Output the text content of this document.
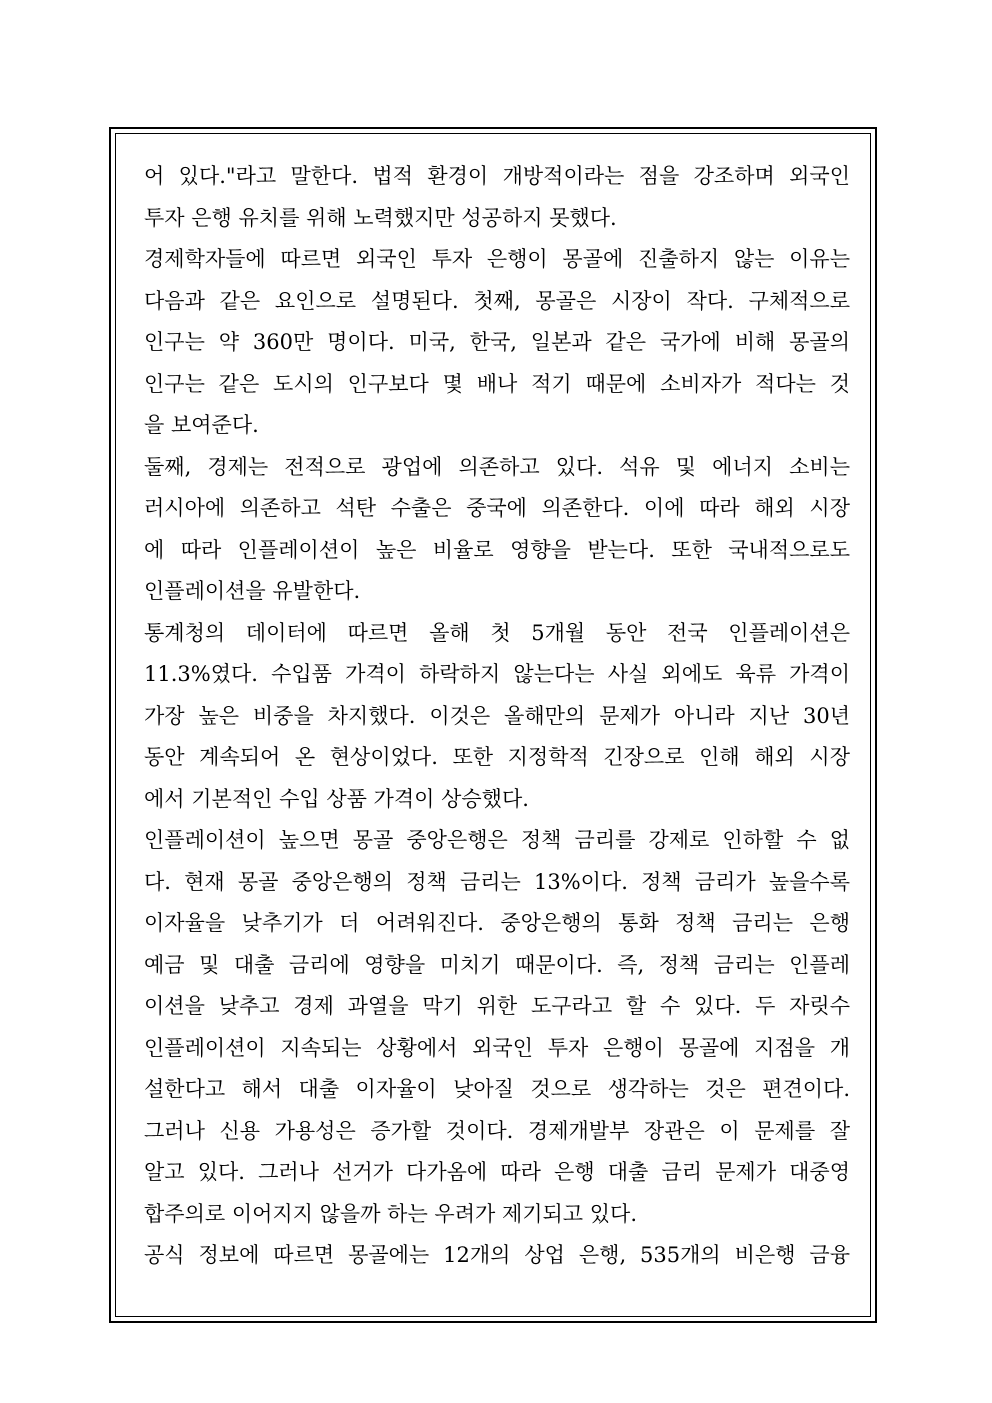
어 있다."라고 말한다. 법적 환경이 개방적이라는 점을 강조하며 외국인
투자 은행 유치를 위해 노력했지만 성공하지 못했다.
경제학자들에 따르면 외국인 투자 은행이 몽골에 진출하지 않는 이유는
다음과 같은 요인으로 설명된다. 첫째, 몽골은 시장이 작다. 구체적으로
인구는 약 360만 명이다. 미국, 한국, 일본과 같은 국가에 비해 몽골의
인구는 같은 도시의 인구보다 몇 배나 적기 때문에 소비자가 적다는 것
을 보여준다.
둘째, 경제는 전적으로 광업에 의존하고 있다. 석유 및 에너지 소비는
러시아에 의존하고 석탄 수출은 중국에 의존한다. 이에 따라 해외 시장
에 따라 인플레이션이 높은 비율로 영향을 받는다. 또한 국내적으로도
인플레이션을 유발한다.
통계청의 데이터에 따르면 올해 첫 5개월 동안 전국 인플레이션은
11.3%였다. 수입품 가격이 하락하지 않는다는 사실 외에도 육류 가격이
가장 높은 비중을 차지했다. 이것은 올해만의 문제가 아니라 지난 30년
동안 계속되어 온 현상이었다. 또한 지정학적 긴장으로 인해 해외 시장
에서 기본적인 수입 상품 가격이 상승했다.
인플레이션이 높으면 몽골 중앙은행은 정책 금리를 강제로 인하할 수 없
다. 현재 몽골 중앙은행의 정책 금리는 13%이다. 정책 금리가 높을수록
이자율을 낮추기가 더 어려워진다. 중앙은행의 통화 정책 금리는 은행
예금 및 대출 금리에 영향을 미치기 때문이다. 즉, 정책 금리는 인플레
이션을 낮추고 경제 과열을 막기 위한 도구라고 할 수 있다. 두 자릿수
인플레이션이 지속되는 상황에서 외국인 투자 은행이 몽골에 지점을 개
설한다고 해서 대출 이자율이 낮아질 것으로 생각하는 것은 편견이다.
그러나 신용 가용성은 증가할 것이다. 경제개발부 장관은 이 문제를 잘
알고 있다. 그러나 선거가 다가옴에 따라 은행 대출 금리 문제가 대중영
합주의로 이어지지 않을까 하는 우려가 제기되고 있다.
공식 정보에 따르면 몽골에는 12개의 상업 은행, 535개의 비은행 금융
